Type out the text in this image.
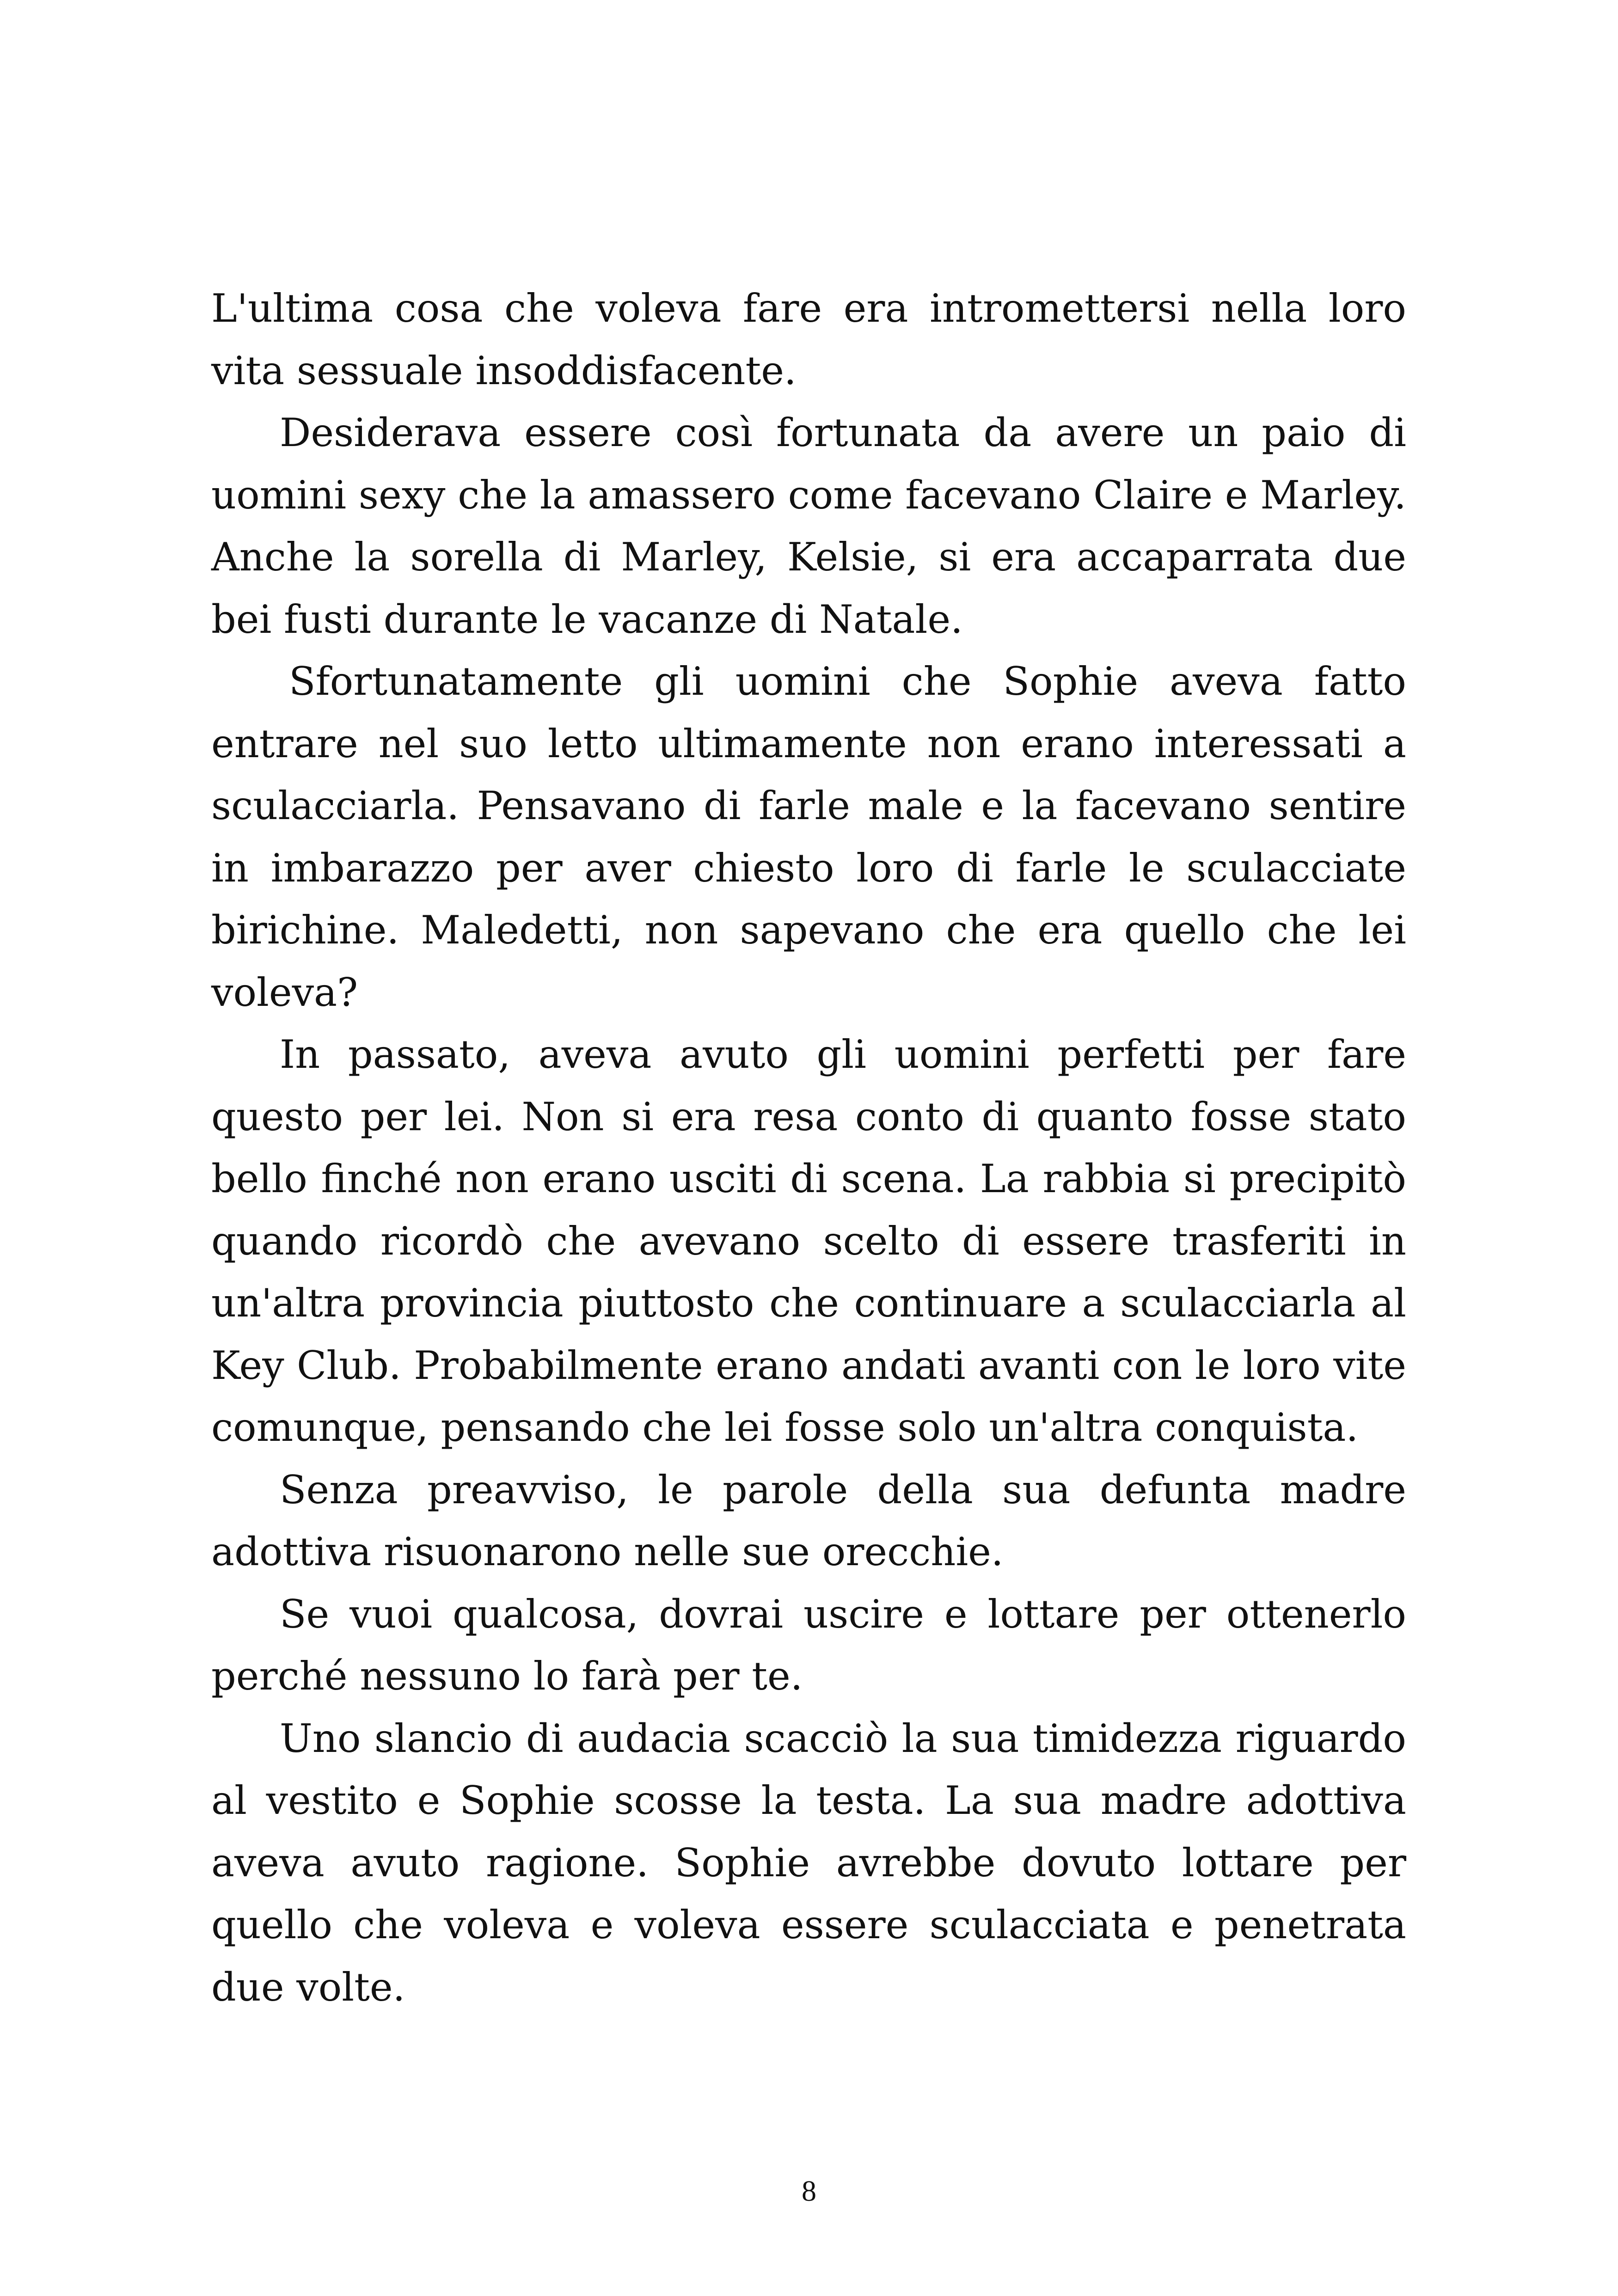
L'ultima cosa che voleva fare era intromettersi nella loro vita sessuale insoddisfacente.

Desiderava essere così fortunata da avere un paio di uomini sexy che la amassero come facevano Claire e Marley. Anche la sorella di Marley, Kelsie, si era accaparrata due bei fusti durante le vacanze di Natale.

Sfortunatamente gli uomini che Sophie aveva fatto entrare nel suo letto ultimamente non erano interessati a sculacciarla. Pensavano di farle male e la facevano sentire in imbarazzo per aver chiesto loro di farle le sculacciate birichine. Maledetti, non sapevano che era quello che lei voleva?

In passato, aveva avuto gli uomini perfetti per fare questo per lei. Non si era resa conto di quanto fosse stato bello finché non erano usciti di scena. La rabbia si precipitò quando ricordò che avevano scelto di essere trasferiti in un'altra provincia piuttosto che continuare a sculacciarla al Key Club. Probabilmente erano andati avanti con le loro vite comunque, pensando che lei fosse solo un'altra conquista.

Senza preavviso, le parole della sua defunta madre adottiva risuonarono nelle sue orecchie.

Se vuoi qualcosa, dovrai uscire e lottare per ottenerlo perché nessuno lo farà per te.

Uno slancio di audacia scacciò la sua timidezza riguardo al vestito e Sophie scosse la testa. La sua madre adottiva aveva avuto ragione. Sophie avrebbe dovuto lottare per quello che voleva e voleva essere sculacciata e penetrata due volte.

8
